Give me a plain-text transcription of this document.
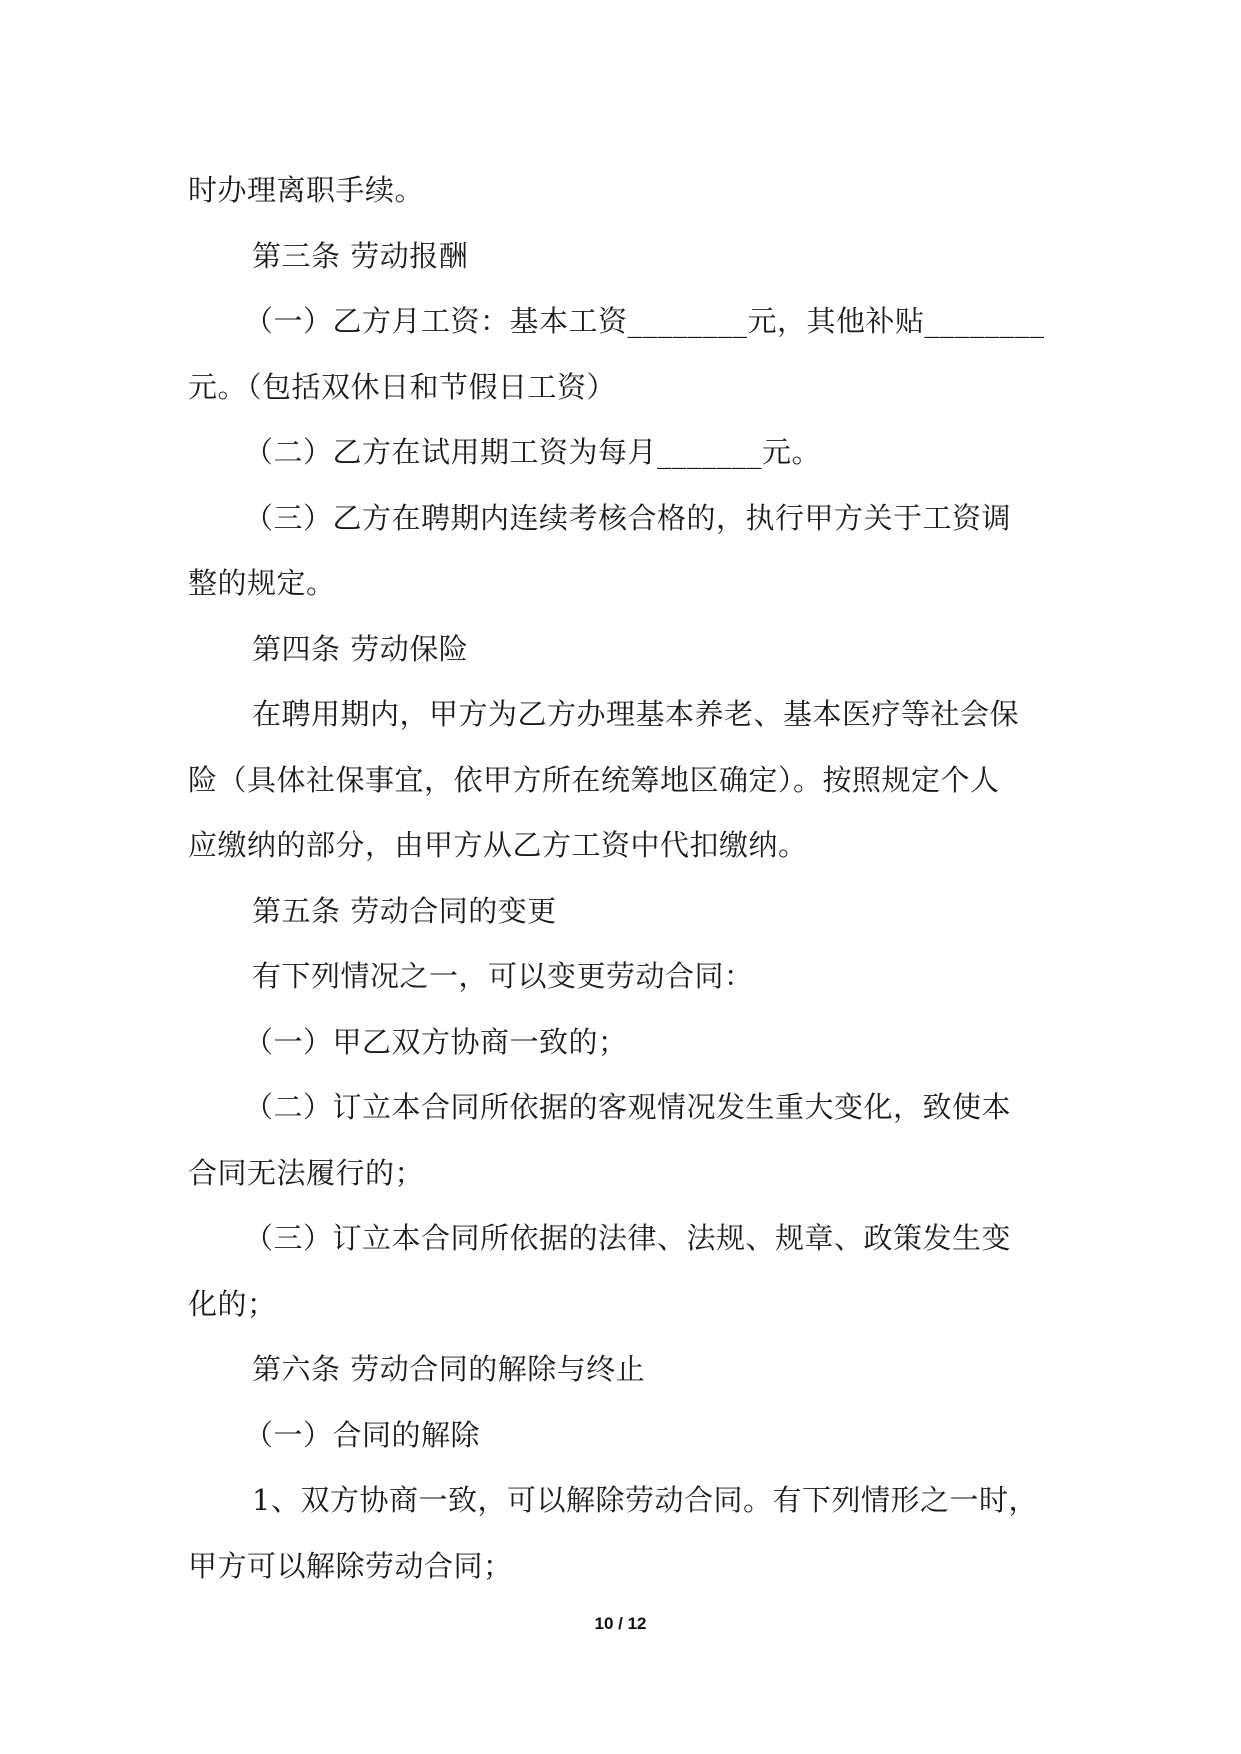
时办理离职手续。
第三条 劳动报酬
（一）乙方月工资：基本工资________元，其他补贴________
元。（包括双休日和节假日工资）
（二）乙方在试用期工资为每月_______元。
（三）乙方在聘期内连续考核合格的，执行甲方关于工资调
整的规定。
第四条 劳动保险
在聘用期内，甲方为乙方办理基本养老、基本医疗等社会保
险（具体社保事宜，依甲方所在统筹地区确定）。按照规定个人
应缴纳的部分，由甲方从乙方工资中代扣缴纳。
第五条 劳动合同的变更
有下列情况之一，可以变更劳动合同：
（一）甲乙双方协商一致的；
（二）订立本合同所依据的客观情况发生重大变化，致使本
合同无法履行的；
（三）订立本合同所依据的法律、法规、规章、政策发生变
化的；
第六条 劳动合同的解除与终止
（一）合同的解除
1、双方协商一致，可以解除劳动合同。有下列情形之一时，
甲方可以解除劳动合同；
10 / 12
